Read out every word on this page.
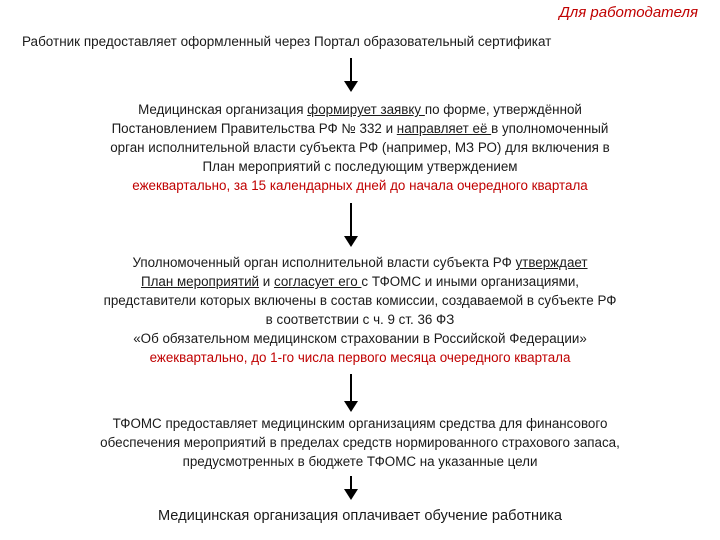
Для работодателя
Работник предоставляет оформленный через Портал образовательный сертификат
Медицинская организация формирует заявку по форме, утверждённой
Постановлением Правительства РФ № 332 и направляет её в уполномоченный
орган исполнительной власти субъекта РФ (например, МЗ РО) для включения в
План мероприятий с последующим утверждением
ежеквартально, за 15 календарных дней до начала очередного квартала
Уполномоченный орган исполнительной власти субъекта РФ утверждает
План мероприятий и согласует его с ТФОМС и иными организациями,
представители которых включены в состав комиссии, создаваемой в субъекте РФ
в соответствии с ч. 9 ст. 36 ФЗ
«Об обязательном медицинском страховании в Российской Федерации»
ежеквартально, до 1-го числа первого месяца очередного квартала
ТФОМС предоставляет медицинским организациям средства для финансового
обеспечения мероприятий в пределах средств нормированного страхового запаса,
предусмотренных в бюджете ТФОМС на указанные цели
Медицинская организация оплачивает обучение работника
